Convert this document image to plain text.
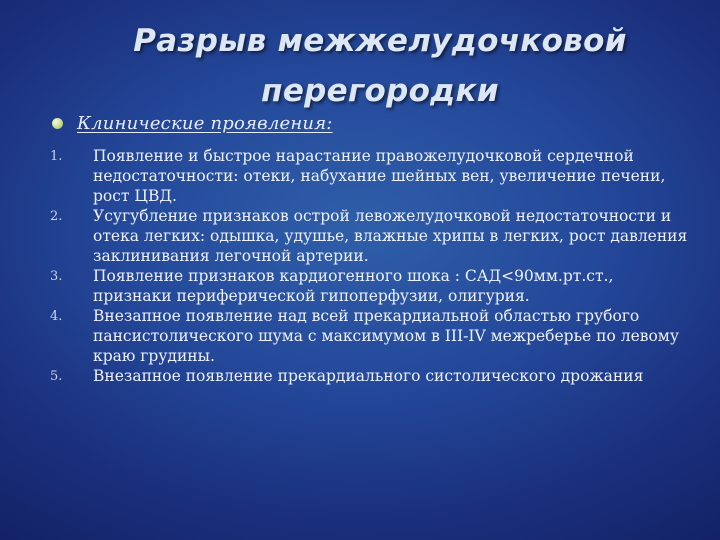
Разрыв межжелудочковой
перегородки
Клинические проявления:
1. Появление и быстрое нарастание правожелудочковой сердечной недостаточности: отеки, набухание шейных вен, увеличение печени, рост ЦВД.
2. Усугубление признаков острой левожелудочковой недостаточности и отека легких: одышка, удушье, влажные хрипы в легких, рост давления заклинивания легочной артерии.
3. Появление признаков кардиогенного шока : САД<90мм.рт.ст., признаки периферической гипоперфузии, олигурия.
4. Внезапное появление над всей прекардиальной областью грубого пансистолического шума с максимумом в III-IV межреберье по левому краю грудины.
5. Внезапное появление прекардиального систолического дрожания
